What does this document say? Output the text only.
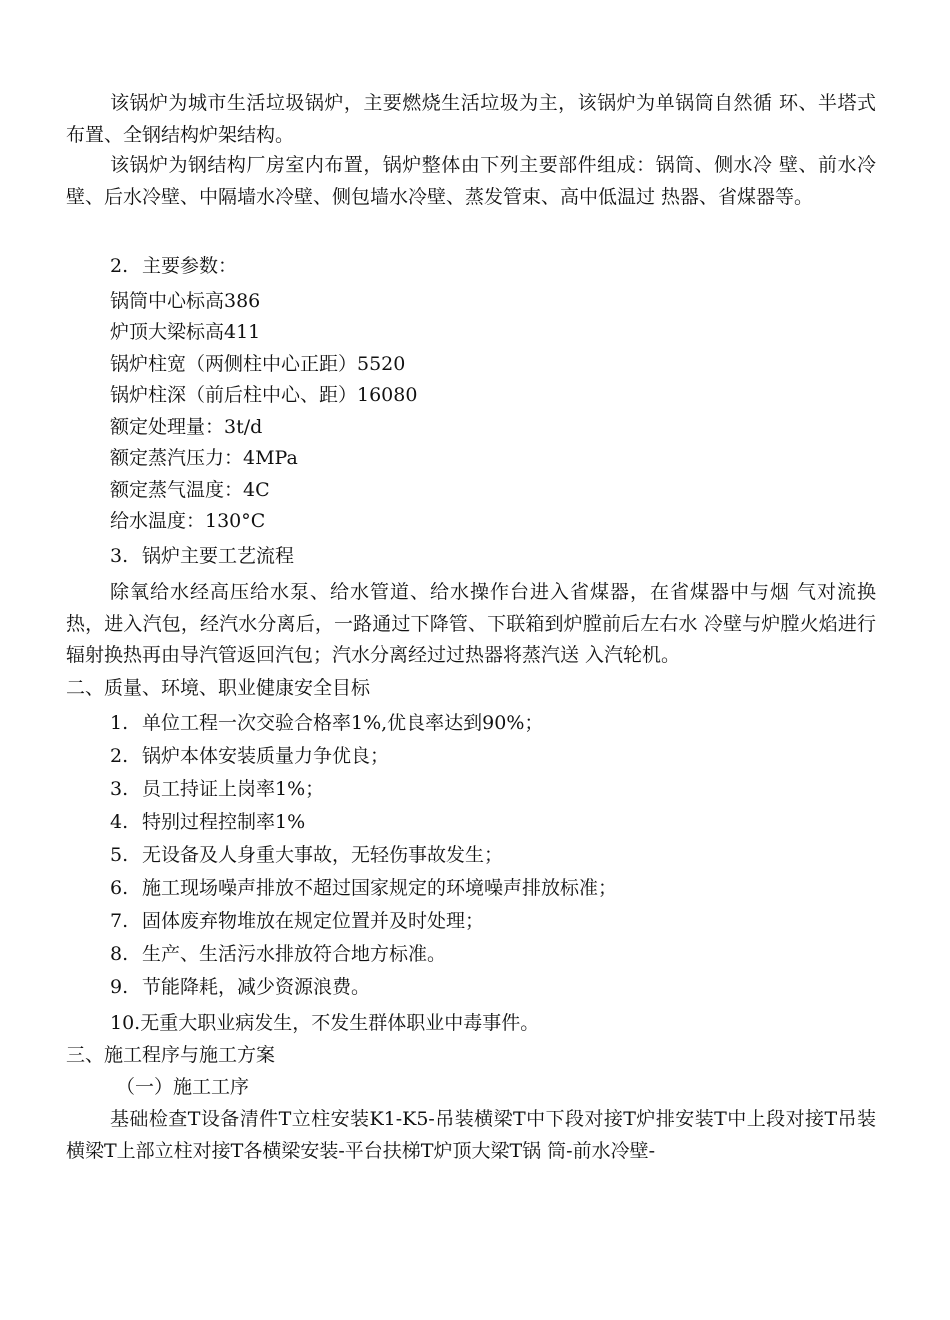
该锅炉为城市生活垃圾锅炉，主要燃烧生活垃圾为主，该锅炉为单锅筒自然循 环、半塔式布置、全钢结构炉架结构。

该锅炉为钢结构厂房室内布置，锅炉整体由下列主要部件组成：锅筒、侧水冷 壁、前水冷壁、后水冷壁、中隔墙水冷壁、侧包墙水冷壁、蒸发管束、高中低温过 热器、省煤器等。

2. 主要参数：

锅筒中心标高386

炉顶大梁标高411

锅炉柱宽（两侧柱中心正距）5520

锅炉柱深（前后柱中心、距）16080

额定处理量：3t/d

额定蒸汽压力：4MPa

额定蒸气温度：4C

给水温度：130°C

3. 锅炉主要工艺流程

除氧给水经高压给水泵、给水管道、给水操作台进入省煤器，在省煤器中与烟 气对流换热，进入汽包，经汽水分离后，一路通过下降管、下联箱到炉膛前后左右水 冷壁与炉膛火焰进行辐射换热再由导汽管返回汽包；汽水分离经过过热器将蒸汽送 入汽轮机。

二、质量、环境、职业健康安全目标

1. 单位工程一次交验合格率1%,优良率达到90%；

2. 锅炉本体安装质量力争优良；

3. 员工持证上岗率1%；

4. 特别过程控制率1%

5. 无设备及人身重大事故，无轻伤事故发生；

6. 施工现场噪声排放不超过国家规定的环境噪声排放标准；

7. 固体废弃物堆放在规定位置并及时处理；

8. 生产、生活污水排放符合地方标准。

9. 节能降耗，减少资源浪费。

10.无重大职业病发生，不发生群体职业中毒事件。

三、施工程序与施工方案

（一）施工工序

基础检查T设备清件T立柱安装K1-K5-吊装横梁T中下段对接T炉排安装T中上段对接T吊装横梁T上部立柱对接T各横梁安装-平台扶梯T炉顶大梁T锅 筒-前水冷壁-
